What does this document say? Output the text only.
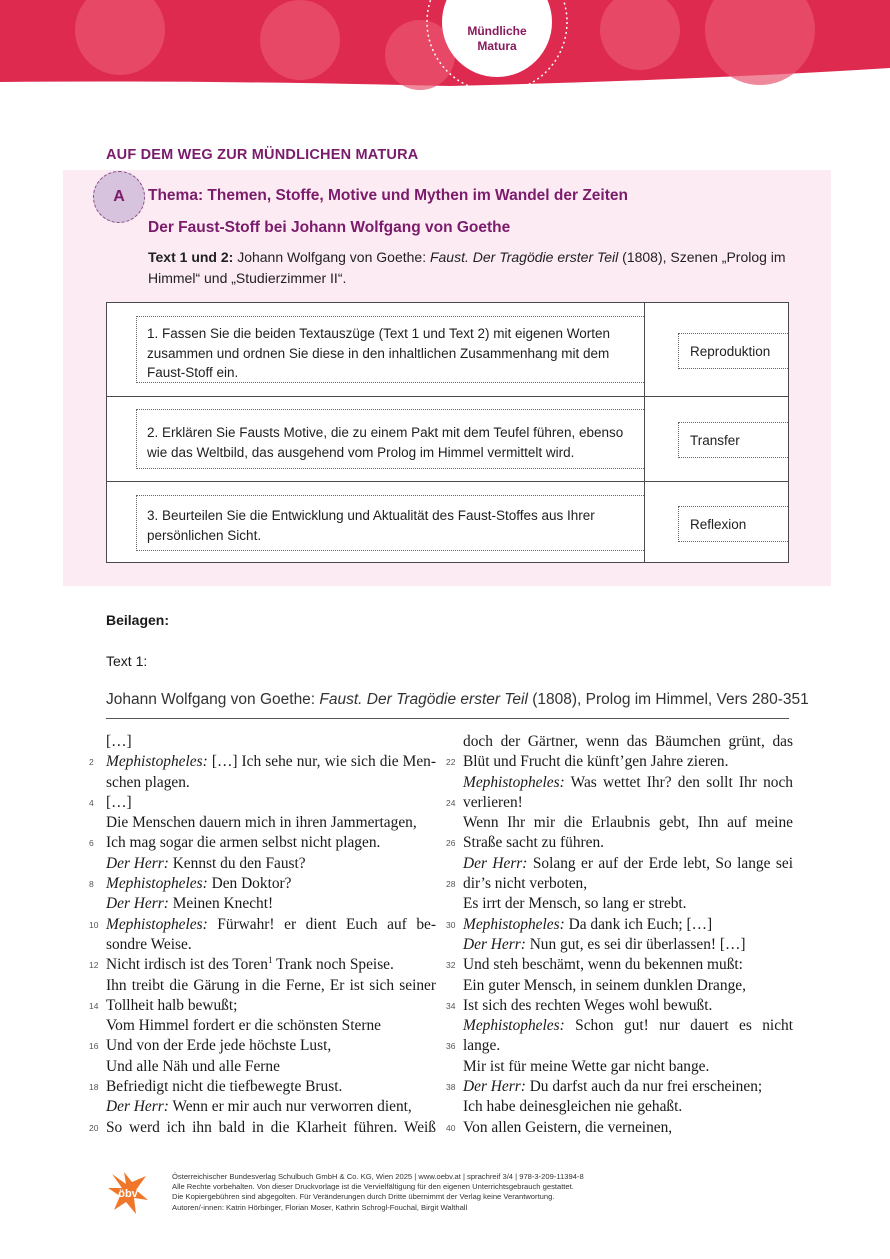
Mündliche
Matura
AUF DEM WEG ZUR MÜNDLICHEN MATURA
A	Thema: Themen, Stoffe, Motive und Mythen im Wandel der Zeiten
Der Faust-Stoff bei Johann Wolfgang von Goethe
Text 1 und 2: Johann Wolfgang von Goethe: Faust. Der Tragödie erster Teil (1808), Szenen „Prolog im Himmel“ und „Studierzimmer II“.
1. Fassen Sie die beiden Textauszüge (Text 1 und Text 2) mit eigenen Worten zusammen und ordnen Sie diese in den inhaltlichen Zusammenhang mit dem Faust-Stoff ein.
Reproduktion
2. Erklären Sie Fausts Motive, die zu einem Pakt mit dem Teufel führen, ebenso wie das Weltbild, das ausgehend vom Prolog im Himmel vermittelt wird.
Transfer
3. Beurteilen Sie die Entwicklung und Aktualität des Faust-Stoffes aus Ihrer persönlichen Sicht.
Reflexion
Beilagen:
Text 1:
Johann Wolfgang von Goethe: Faust. Der Tragödie erster Teil (1808), Prolog im Himmel, Vers 280-351
[…]
2 Mephistopheles: […] Ich sehe nur, wie sich die Men-
schen plagen.
4 […]
Die Menschen dauern mich in ihren Jammertagen,
6 Ich mag sogar die armen selbst nicht plagen.
Der Herr: Kennst du den Faust?
8 Mephistopheles: Den Doktor?
Der Herr: Meinen Knecht!
10 Mephistopheles: Fürwahr! er dient Euch auf be-
sondre Weise.
12 Nicht irdisch ist des Toren$^1$ Trank noch Speise.
Ihn treibt die Gärung in die Ferne, Er ist sich seiner
14 Tollheit halb bewußt;
Vom Himmel fordert er die schönsten Sterne
16 Und von der Erde jede höchste Lust,
Und alle Näh und alle Ferne
18 Befriedigt nicht die tiefbewegte Brust.
Der Herr: Wenn er mir auch nur verworren dient,
20 So werd ich ihn bald in die Klarheit führen. Weiß
doch der Gärtner, wenn das Bäumchen grünt, das
22 Blüt und Frucht die künft’gen Jahre zieren.
Mephistopheles: Was wettet Ihr? den sollt Ihr noch
24 verlieren!
Wenn Ihr mir die Erlaubnis gebt, Ihn auf meine
26 Straße sacht zu führen.
Der Herr: Solang er auf der Erde lebt, So lange sei
28 dir’s nicht verboten,
Es irrt der Mensch, so lang er strebt.
30 Mephistopheles: Da dank ich Euch; […]
Der Herr: Nun gut, es sei dir überlassen! […]
32 Und steh beschämt, wenn du bekennen mußt:
Ein guter Mensch, in seinem dunklen Drange,
34 Ist sich des rechten Weges wohl bewußt.
Mephistopheles: Schon gut! nur dauert es nicht
36 lange.
Mir ist für meine Wette gar nicht bange.
38 Der Herr: Du darfst auch da nur frei erscheinen;
Ich habe deinesgleichen nie gehaßt.
40 Von allen Geistern, die verneinen,
öbv
Österreichischer Bundesverlag Schulbuch GmbH & Co. KG, Wien 2025 | www.oebv.at | sprachreif 3/4 | 978-3-209-11394-8
Alle Rechte vorbehalten. Von dieser Druckvorlage ist die Vervielfältigung für den eigenen Unterrichtsgebrauch gestattet.
Die Kopiergebühren sind abgegolten. Für Veränderungen durch Dritte übernimmt der Verlag keine Verantwortung.
Autoren/-innen: Katrin Hörbinger, Florian Moser, Kathrin Schrogl-Fouchal, Birgit Walthall
